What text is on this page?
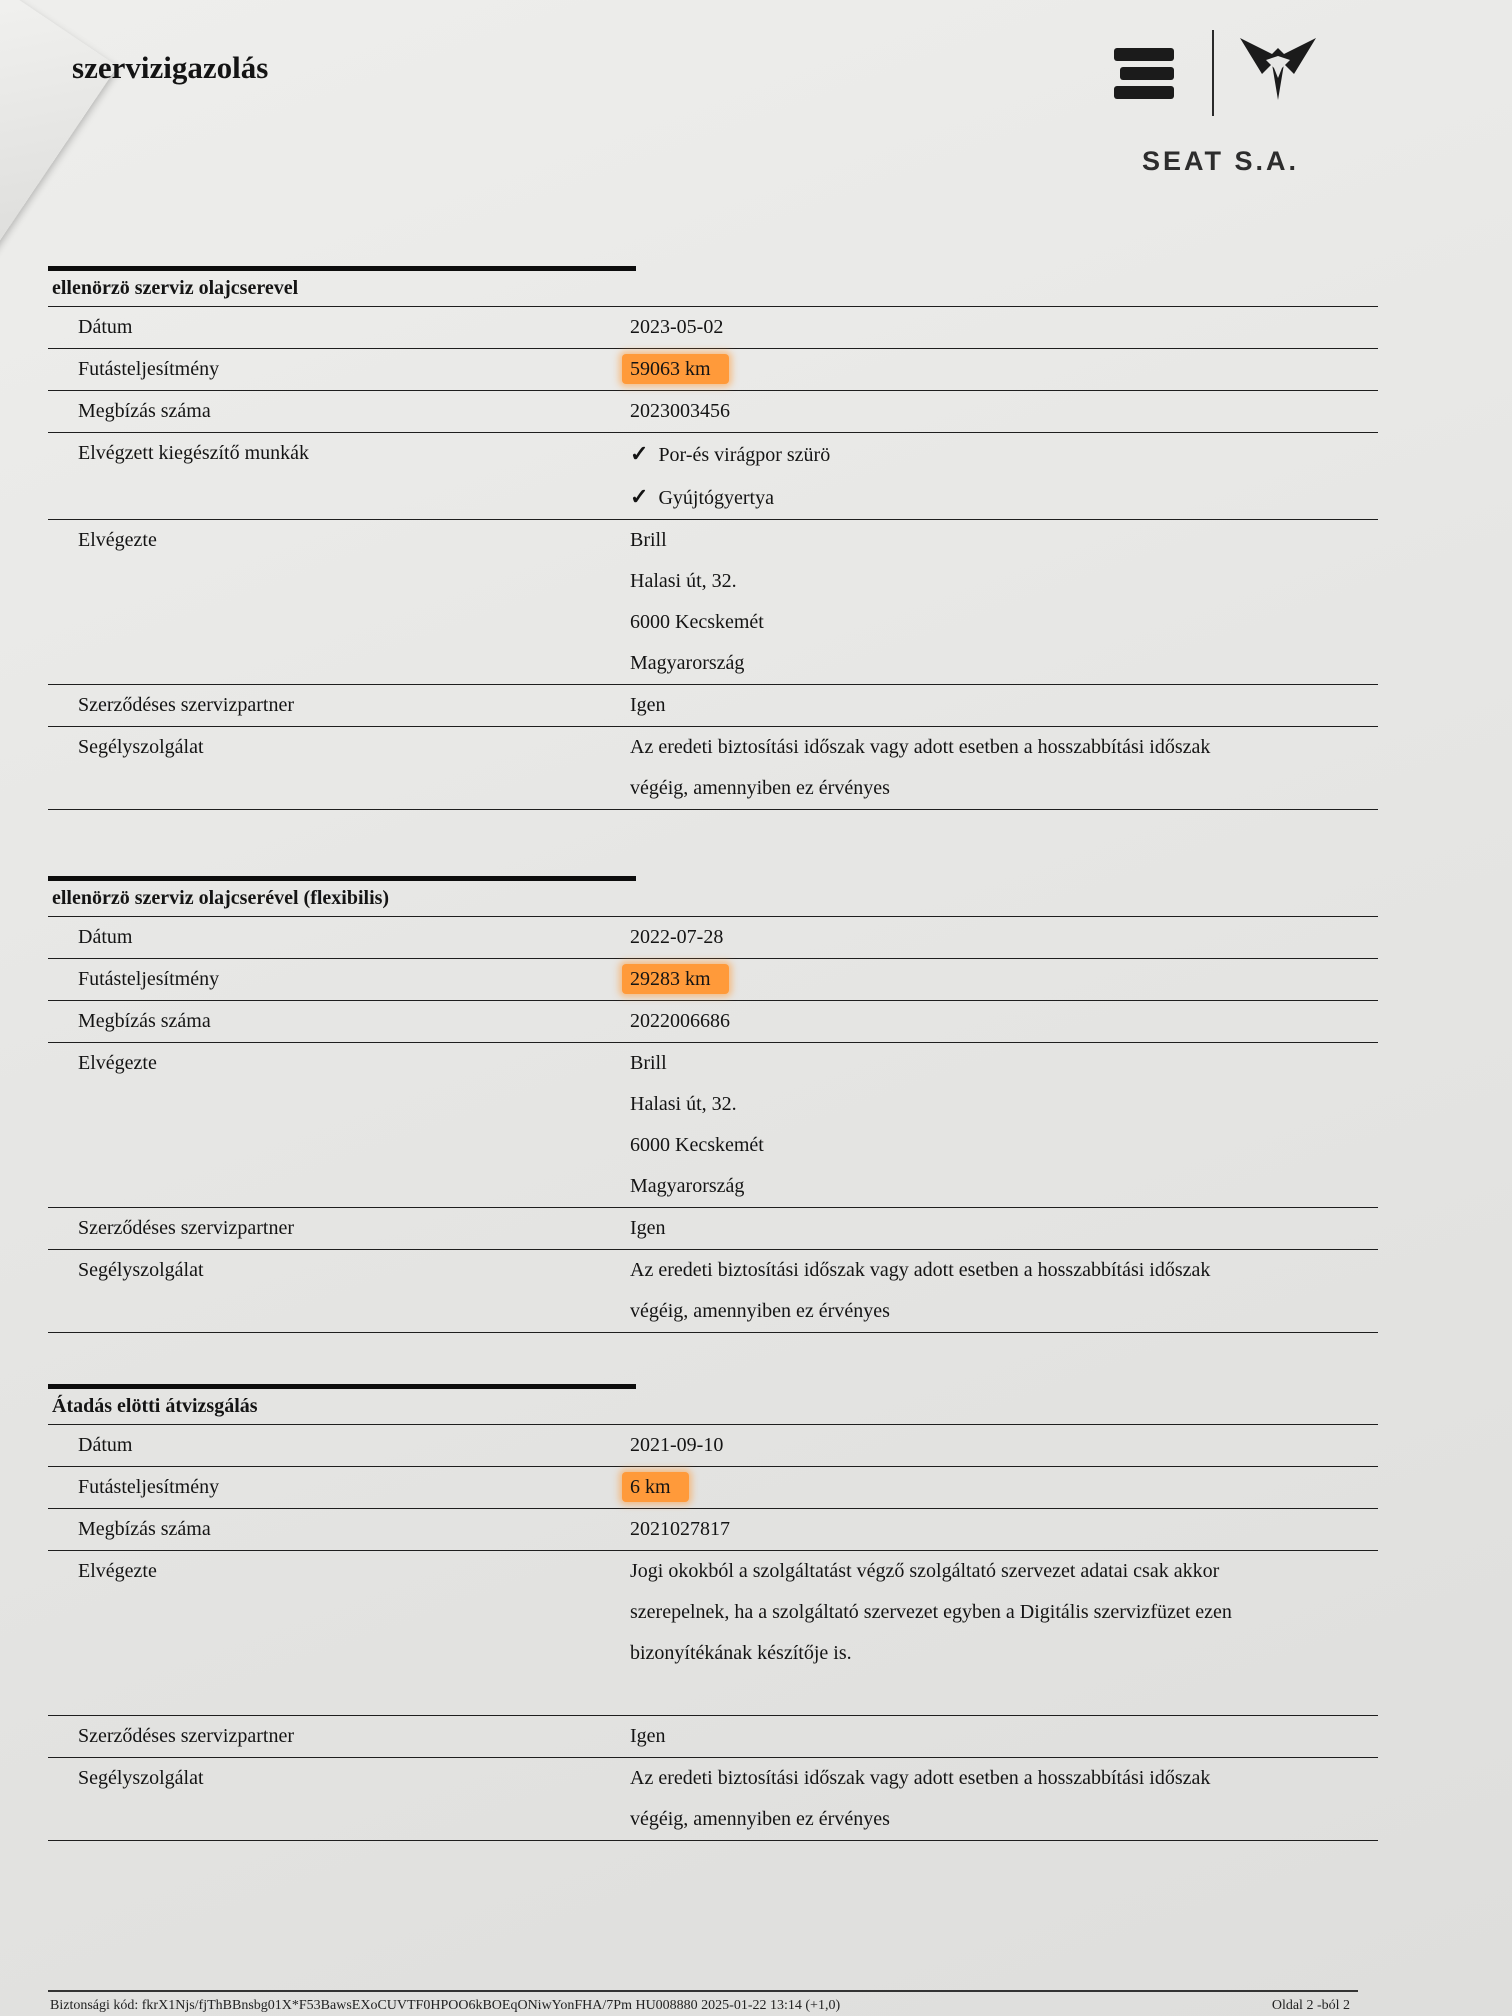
szervizigazolás
SEAT S.A.
ellenörzö szerviz olajcserevel
Dátum	2023-05-02
Futásteljesítmény	59063 km
Megbízás száma	2023003456
Elvégzett kiegészítő munkák	✓ Por-és virágpor szürö
✓ Gyújtógyertya
Elvégezte	Brill
Halasi út, 32.
6000 Kecskemét
Magyarország
Szerződéses szervizpartner	Igen
Segélyszolgálat	Az eredeti biztosítási időszak vagy adott esetben a hosszabbítási időszak
végéig, amennyiben ez érvényes
ellenörzö szerviz olajcserével (flexibilis)
Dátum	2022-07-28
Futásteljesítmény	29283 km
Megbízás száma	2022006686
Elvégezte	Brill
Halasi út, 32.
6000 Kecskemét
Magyarország
Szerződéses szervizpartner	Igen
Segélyszolgálat	Az eredeti biztosítási időszak vagy adott esetben a hosszabbítási időszak
végéig, amennyiben ez érvényes
Átadás elötti átvizsgálás
Dátum	2021-09-10
Futásteljesítmény	6 km
Megbízás száma	2021027817
Elvégezte	Jogi okokból a szolgáltatást végző szolgáltató szervezet adatai csak akkor
szerepelnek, ha a szolgáltató szervezet egyben a Digitális szervizfüzet ezen
bizonyítékának készítője is.
Szerződéses szervizpartner	Igen
Segélyszolgálat	Az eredeti biztosítási időszak vagy adott esetben a hosszabbítási időszak
végéig, amennyiben ez érvényes
Biztonsági kód: fkrX1Njs/fjThBBnsbg01X*F53BawsEXoCUVTF0HPOO6kBOEqONiwYonFHA/7Pm HU008880 2025-01-22 13:14 (+1,0)	Oldal 2 -ból 2
